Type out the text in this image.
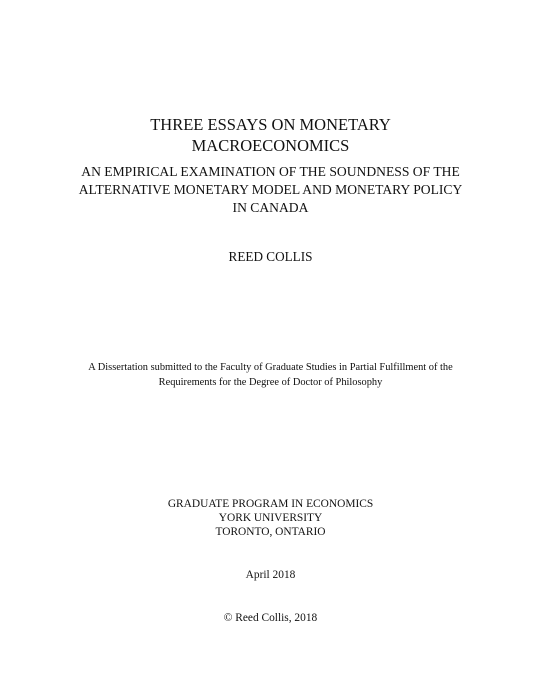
THREE ESSAYS ON MONETARY
MACROECONOMICS
AN EMPIRICAL EXAMINATION OF THE SOUNDNESS OF THE
ALTERNATIVE MONETARY MODEL AND MONETARY POLICY
IN CANADA
REED COLLIS
A Dissertation submitted to the Faculty of Graduate Studies in Partial Fulfillment of the
Requirements for the Degree of Doctor of Philosophy
GRADUATE PROGRAM IN ECONOMICS
YORK UNIVERSITY
TORONTO, ONTARIO
April 2018
© Reed Collis, 2018
